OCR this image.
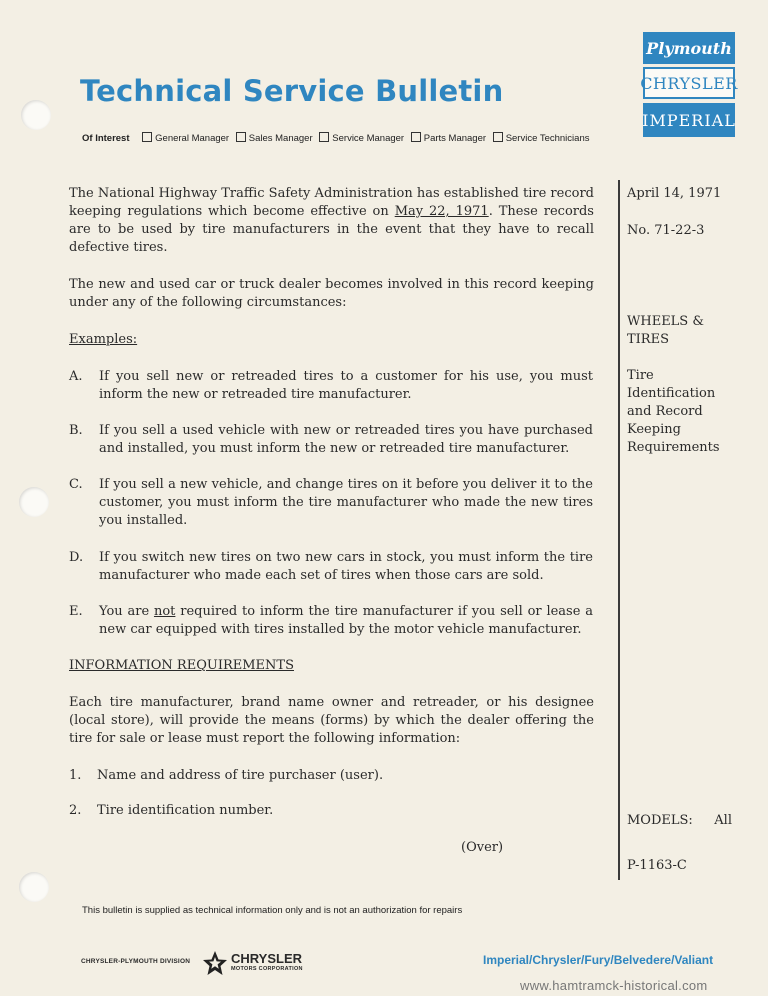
Technical Service Bulletin
Of Interest	General Manager Sales Manager Service Manager Parts Manager Service Technicians
Plymouth
CHRYSLER
IMPERIAL
The National Highway Traffic Safety Administration has established tire record keeping regulations which become effective on May 22, 1971. These records are to be used by tire manufacturers in the event that they have to recall defective tires.
The new and used car or truck dealer becomes involved in this record keeping under any of the following circumstances:
Examples:
A. If you sell new or retreaded tires to a customer for his use, you must inform the new or retreaded tire manufacturer.
B. If you sell a used vehicle with new or retreaded tires you have purchased and installed, you must inform the new or retreaded tire manufacturer.
C. If you sell a new vehicle, and change tires on it before you deliver it to the customer, you must inform the tire manufacturer who made the new tires you installed.
D. If you switch new tires on two new cars in stock, you must inform the tire manufacturer who made each set of tires when those cars are sold.
E. You are not required to inform the tire manufacturer if you sell or lease a new car equipped with tires installed by the motor vehicle manufacturer.
INFORMATION REQUIREMENTS
Each tire manufacturer, brand name owner and retreader, or his designee (local store), will provide the means (forms) by which the dealer offering the tire for sale or lease must report the following information:
1. Name and address of tire purchaser (user).
2. Tire identification number.
(Over)
April 14, 1971
No. 71-22-3
WHEELS &
TIRES
Tire
Identification
and Record
Keeping
Requirements
MODELS: All
P-1163-C
This bulletin is supplied as technical information only and is not an authorization for repairs
CHRYSLER-PLYMOUTH DIVISION	CHRYSLER
MOTORS CORPORATION
Imperial/Chrysler/Fury/Belvedere/Valiant
www.hamtramck-historical.com
